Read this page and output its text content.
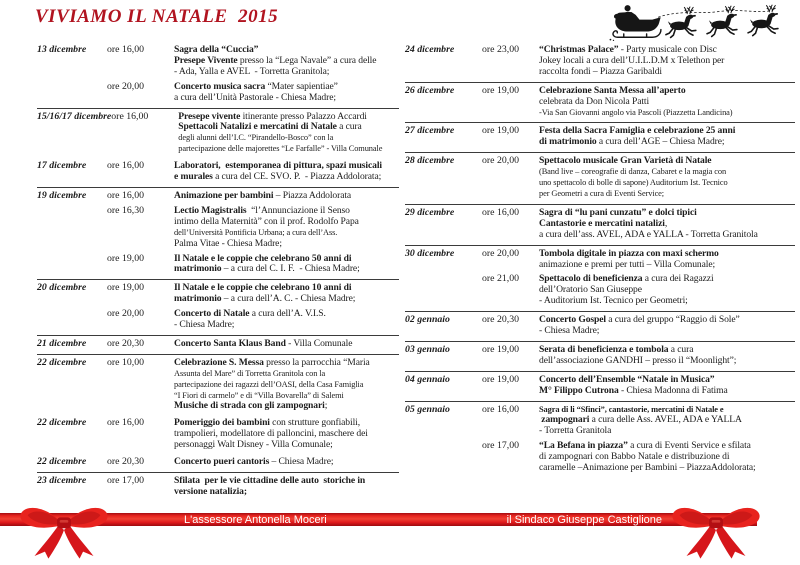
VIVIAMO IL NATALE  2015
13 dicembre	ore 16,00	Sagra della “Cuccia”
Presepe Vivente presso la “Lega Navale” a cura delle
- Ada, Yalla e AVEL  - Torretta Granitola;
ore 20,00	Concerto musica sacra “Mater sapientiae”
a cura dell’Unità Pastorale - Chiesa Madre;
15/16/17 dicembre ore 16,00	Presepe vivente itinerante presso Palazzo Accardi
Spettacoli Natalizi e mercatini di Natale a cura
degli alunni dell’I.C. “Pirandello-Bosco” con la
partecipazione delle majorettes “Le Farfalle” - Villa Comunale
17 dicembre	ore 16,00	Laboratori,  estemporanea di pittura, spazi musicali
e murales a cura del CE. SVO. P.  - Piazza Addolorata;
19 dicembre	ore 16,00	Animazione per bambini – Piazza Addolorata
ore 16,30	Lectio Magistralis  “l’Annunciazione il Senso
intimo della Maternità” con il prof. Rodolfo Papa
dell’Università Pontificia Urbana; a cura dell’Ass.
Palma Vitae - Chiesa Madre;
ore 19,00	Il Natale e le coppie che celebrano 50 anni di
matrimonio – a cura del C. I. F.  - Chiesa Madre;
20 dicembre	ore 19,00	Il Natale e le coppie che celebrano 10 anni di
matrimonio – a cura dell’A. C. - Chiesa Madre;
ore 20,00	Concerto di Natale a cura dell’A. V.I.S.
- Chiesa Madre;
21 dicembre	ore 20,30	Concerto Santa Klaus Band - Villa Comunale
22 dicembre	ore 10,00	Celebrazione S. Messa presso la parrocchia “Maria
Assunta del Mare” di Torretta Granitola con la
partecipazione dei ragazzi dell’OASI, della Casa Famiglia
“I Fiori di carmelo” e di “Villa Bovarella” di Salemi
Musiche di strada con gli zampognari;
22 dicembre	ore 16,00	Pomeriggio dei bambini con strutture gonfiabili,
trampolieri, modellatore di palloncini, maschere dei
personaggi Walt Disney - Villa Comunale;
22 dicembre	ore 20,30	Concerto pueri cantoris – Chiesa Madre;
23 dicembre	ore 17,00	Sfilata  per le vie cittadine delle auto  storiche in
versione natalizia;
24 dicembre	ore 23,00	“Christmas Palace” - Party musicale con Disc
Jokey locali a cura dell’U.I.L.D.M x Telethon per
raccolta fondi – Piazza Garibaldi
26 dicembre	ore 19,00	Celebrazione Santa Messa all’aperto
celebrata da Don Nicola Patti
-Via San Giovanni angolo via Pascoli (Piazzetta Landicina)
27 dicembre	ore 19,00	Festa della Sacra Famiglia e celebrazione 25 anni
di matrimonio a cura dell’AGE – Chiesa Madre;
28 dicembre	ore 20,00	Spettacolo musicale Gran Varietà di Natale
(Band live – coreografie di danza, Cabaret e la magia con
uno spettacolo di bolle di sapone) Auditorium Ist. Tecnico
per Geometri a cura di Eventi Service;
29 dicembre	ore 16,00	Sagra di “lu pani cunzatu” e dolci tipici
Cantastorie e mercatini natalizi,
a cura dell’ass. AVEL, ADA e YALLA - Torretta Granitola
30 dicembre	ore 20,00	Tombola digitale in piazza con maxi schermo
animazione e premi per tutti – Villa Comunale;
ore 21,00	Spettacolo di beneficienza a cura dei Ragazzi
dell’Oratorio San Giuseppe
- Auditorium Ist. Tecnico per Geometri;
02 gennaio	ore 20,30	Concerto Gospel a cura del gruppo “Raggio di Sole”
- Chiesa Madre;
03 gennaio	ore 19,00	Serata di beneficienza e tombola a cura
dell’associazione GANDHI – presso il “Moonlight”;
04 gennaio	ore 19,00	Concerto dell’Ensemble “Natale in Musica”
M° Filippo Cutrona - Chiesa Madonna di Fatima
05 gennaio	ore 16,00	Sagra di li “Sfinci”, cantastorie, mercatini di Natale e
zampognari a cura delle Ass. AVEL, ADA e YALLA
- Torretta Granitola
ore 17,00	“La Befana in piazza” a cura di Eventi Service e sfilata
di zampognari con Babbo Natale e distribuzione di
caramelle –Animazione per Bambini – PiazzaAddolorata;
L'assessore Antonella Moceri	il Sindaco Giuseppe Castiglione
